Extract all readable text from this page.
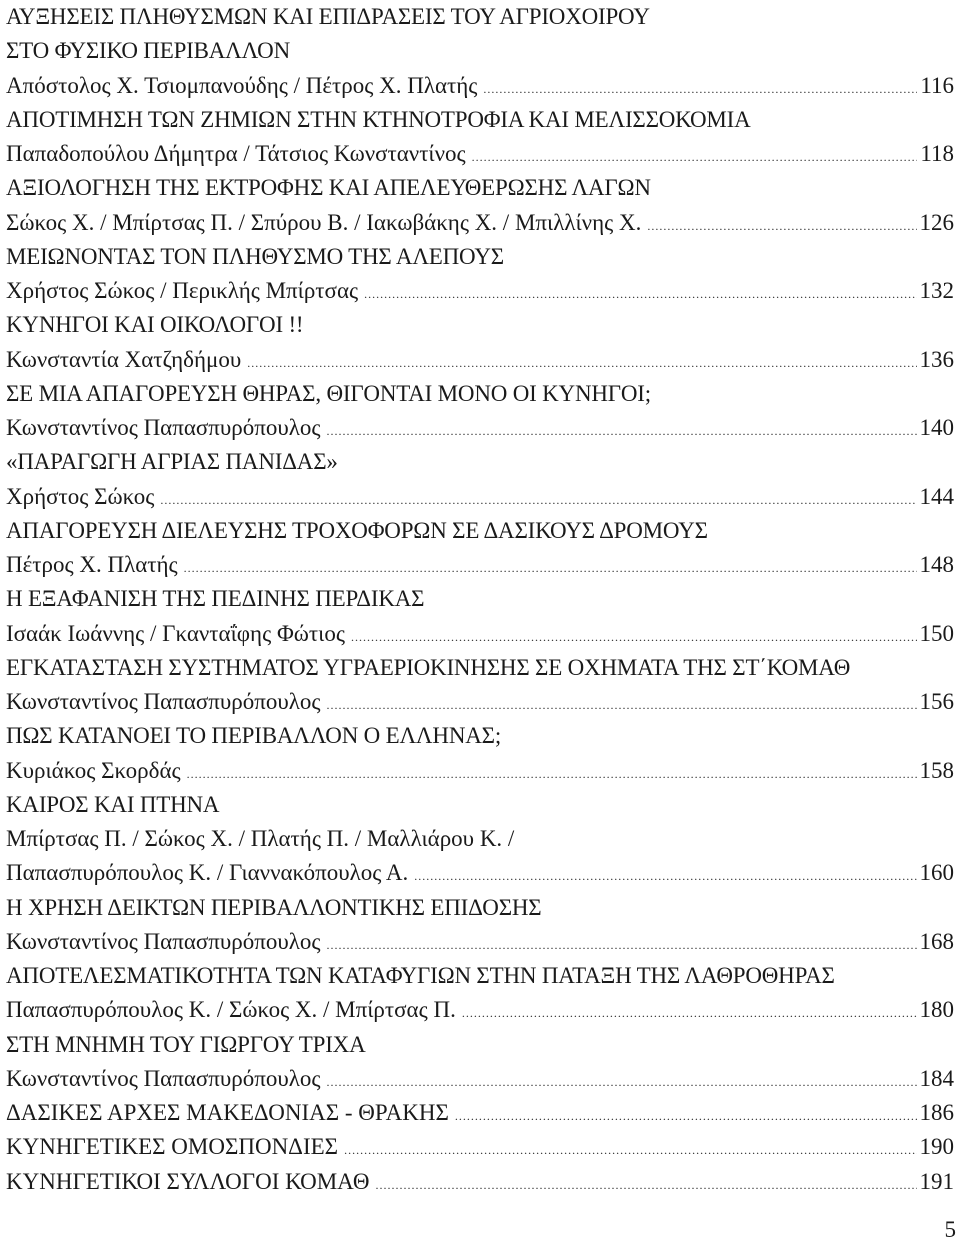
ΑΥΞΗΣΕΙΣ ΠΛΗΘΥΣΜΩΝ ΚΑΙ ΕΠΙΔΡΑΣΕΙΣ ΤΟΥ ΑΓΡΙΟΧΟΙΡΟΥ
ΣΤΟ ΦΥΣΙΚΟ ΠΕΡΙΒΑΛΛΟΝ
Απόστολος Χ. Τσιομπανούδης / Πέτρος Χ. Πλατής .....	116
ΑΠΟΤΙΜΗΣΗ ΤΩΝ ΖΗΜΙΩΝ ΣΤΗΝ ΚΤΗΝΟΤΡΟΦΙΑ ΚΑΙ ΜΕΛΙΣΣΟΚΟΜΙΑ
Παπαδοπούλου Δήμητρα / Τάτσιος Κωνσταντίνος .....	118
ΑΞΙΟΛΟΓΗΣΗ ΤΗΣ ΕΚΤΡΟΦΗΣ ΚΑΙ ΑΠΕΛΕΥΘΕΡΩΣΗΣ ΛΑΓΩΝ
Σώκος Χ. / Μπίρτσας Π. / Σπύρου Β. / Ιακωβάκης Χ. / Μπιλλίνης Χ. .....	126
ΜΕΙΩΝΟΝΤΑΣ ΤΟΝ ΠΛΗΘΥΣΜΟ ΤΗΣ ΑΛΕΠΟΥΣ
Χρήστος Σώκος / Περικλής Μπίρτσας .....	132
ΚΥΝΗΓΟΙ ΚΑΙ ΟΙΚΟΛΟΓΟΙ !!
Κωνσταντία Χατζηδήμου .....	136
ΣΕ ΜΙΑ ΑΠΑΓΟΡΕΥΣΗ ΘΗΡΑΣ, ΘΙΓΟΝΤΑΙ ΜΟΝΟ ΟΙ ΚΥΝΗΓΟΙ;
Κωνσταντίνος Παπασπυρόπουλος .....	140
«ΠΑΡΑΓΩΓΗ ΑΓΡΙΑΣ ΠΑΝΙΔΑΣ»
Χρήστος Σώκος .....	144
ΑΠΑΓΟΡΕΥΣΗ ΔΙΕΛΕΥΣΗΣ ΤΡΟΧΟΦΟΡΩΝ ΣΕ ΔΑΣΙΚΟΥΣ ΔΡΟΜΟΥΣ
Πέτρος Χ. Πλατής .....	148
Η ΕΞΑΦΑΝΙΣΗ ΤΗΣ ΠΕΔΙΝΗΣ ΠΕΡΔΙΚΑΣ
Ισαάκ Ιωάννης / Γκανταΐφης Φώτιος .....	150
ΕΓΚΑΤΑΣΤΑΣΗ ΣΥΣΤΗΜΑΤΟΣ ΥΓΡΑΕΡΙΟΚΙΝΗΣΗΣ ΣΕ ΟΧΗΜΑΤΑ ΤΗΣ ΣΤ΄ΚΟΜΑΘ
Κωνσταντίνος Παπασπυρόπουλος .....	156
ΠΩΣ ΚΑΤΑΝΟΕΙ ΤΟ ΠΕΡΙΒΑΛΛΟΝ Ο ΕΛΛΗΝΑΣ;
Κυριάκος Σκορδάς .....	158
ΚΑΙΡΟΣ ΚΑΙ ΠΤΗΝΑ
Μπίρτσας Π. / Σώκος Χ. / Πλατής Π. / Μαλλιάρου Κ. /
Παπασπυρόπουλος Κ. / Γιαννακόπουλος Α. .....	160
Η ΧΡΗΣΗ ΔΕΙΚΤΩΝ ΠΕΡΙΒΑΛΛΟΝΤΙΚΗΣ ΕΠΙΔΟΣΗΣ
Κωνσταντίνος Παπασπυρόπουλος .....	168
ΑΠΟΤΕΛΕΣΜΑΤΙΚΟΤΗΤΑ ΤΩΝ ΚΑΤΑΦΥΓΙΩΝ ΣΤΗΝ ΠΑΤΑΞΗ ΤΗΣ ΛΑΘΡΟΘΗΡΑΣ
Παπασπυρόπουλος Κ. / Σώκος Χ. / Μπίρτσας Π. .....	180
ΣΤΗ ΜΝΗΜΗ ΤΟΥ ΓΙΩΡΓΟΥ ΤΡΙΧΑ
Κωνσταντίνος Παπασπυρόπουλος .....	184
ΔΑΣΙΚΕΣ ΑΡΧΕΣ ΜΑΚΕΔΟΝΙΑΣ - ΘΡΑΚΗΣ .....	186
ΚΥΝΗΓΕΤΙΚΕΣ ΟΜΟΣΠΟΝΔΙΕΣ .....	190
ΚΥΝΗΓΕΤΙΚΟΙ ΣΥΛΛΟΓΟΙ ΚΟΜΑΘ .....	191
5
